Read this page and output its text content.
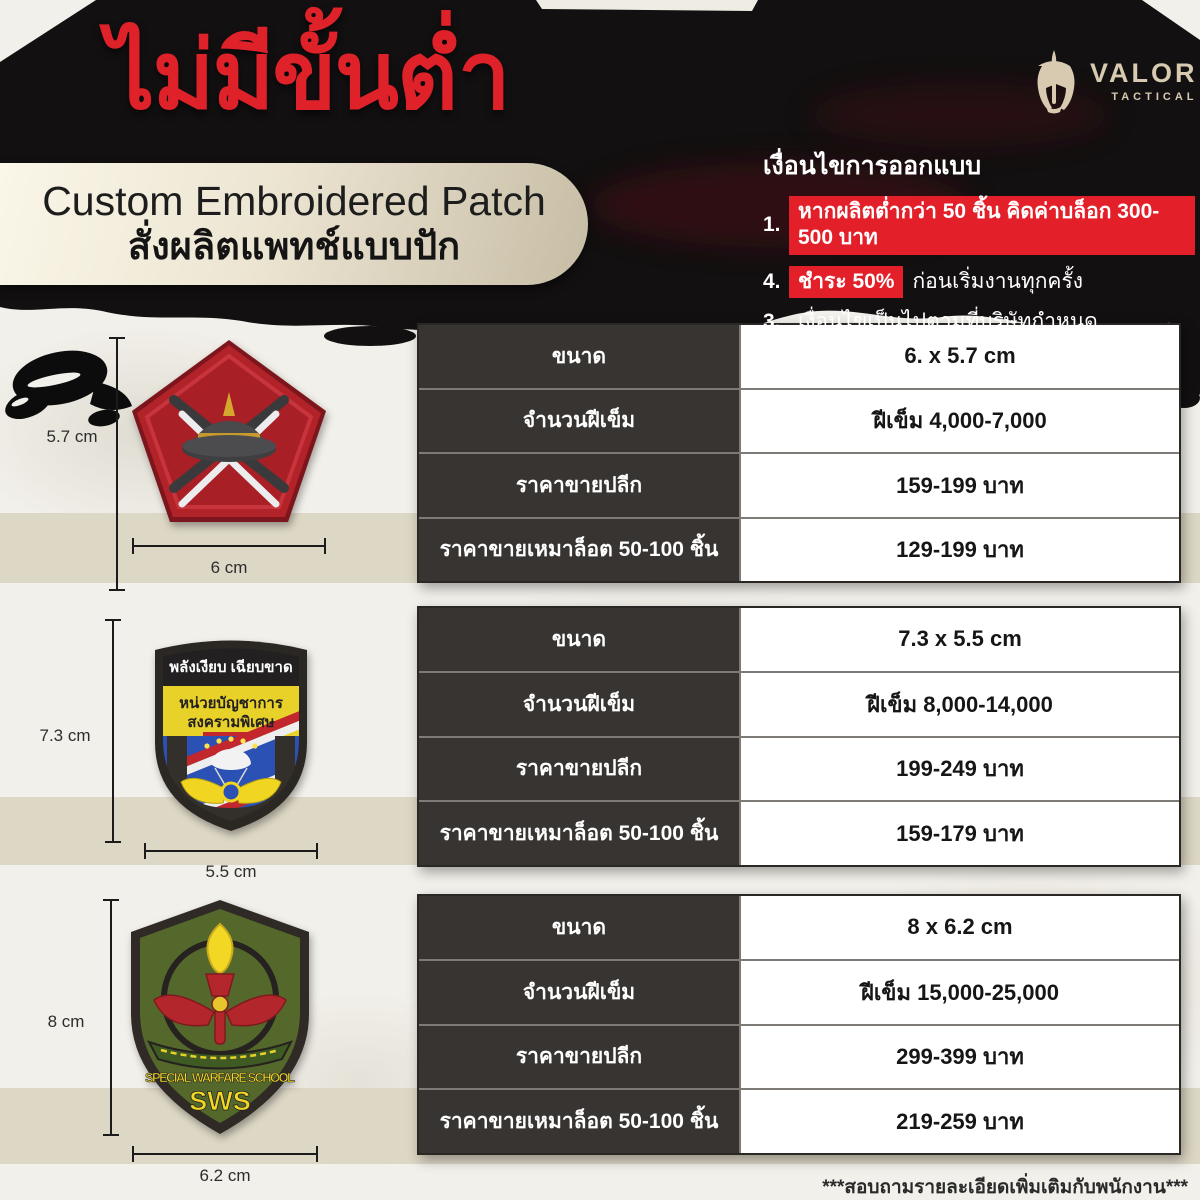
ไม่มีขั้นต่ำ
Custom Embroidered Patch
สั่งผลิตแพทช์แบบปัก
VALOR
TACTICAL
เงื่อนไขการออกแบบ
1.
หากผลิตต่ำกว่า 50 ชิ้น คิดค่าบล็อก 300-500 บาท
4. ชำระ 50% ก่อนเริ่มงานทุกครั้ง
3. เงื่อนไขเป็นไปตามที่บริษัทกำหนด
5.7 cm
6 cm
ขนาด	6. x 5.7 cm
จำนวนฝีเข็ม	ฝีเข็ม 4,000-7,000
ราคาขายปลีก	159-199 บาท
ราคาขายเหมาล็อต 50-100 ชิ้น	129-199 บาท
พลังเงียบ เฉียบขาด
หน่วยบัญชาการ
สงครามพิเศษ
7.3 cm
5.5 cm
ขนาด	7.3 x 5.5 cm
จำนวนฝีเข็ม	ฝีเข็ม 8,000-14,000
ราคาขายปลีก	199-249 บาท
ราคาขายเหมาล็อต 50-100 ชิ้น	159-179 บาท
SPECIAL WARFARE SCHOOL
SWS
8 cm
6.2 cm
ขนาด	8 x 6.2 cm
จำนวนฝีเข็ม	ฝีเข็ม 15,000-25,000
ราคาขายปลีก	299-399 บาท
ราคาขายเหมาล็อต 50-100 ชิ้น	219-259 บาท
***สอบถามรายละเอียดเพิ่มเติมกับพนักงาน***
